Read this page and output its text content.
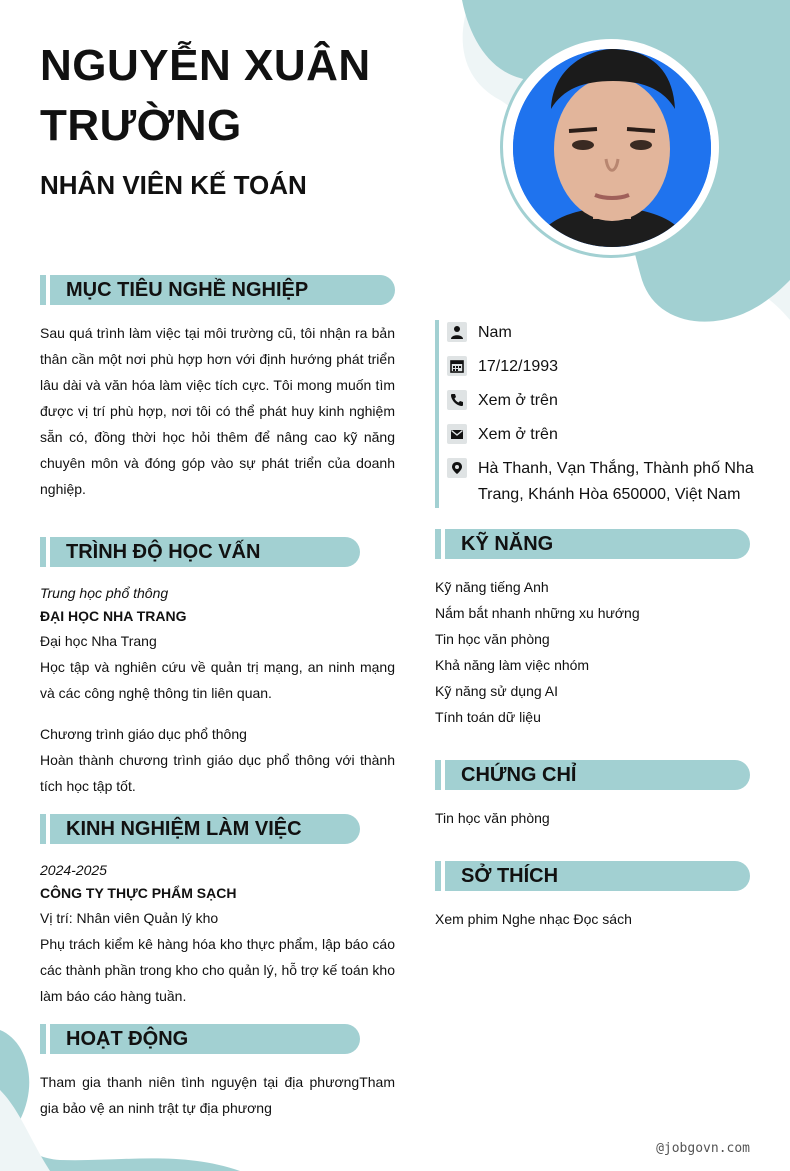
NGUYỄN XUÂN TRƯỜNG
NHÂN VIÊN KẾ TOÁN
MỤC TIÊU NGHỀ NGHIỆP
Sau quá trình làm việc tại môi trường cũ, tôi nhận ra bản thân cần một nơi phù hợp hơn với định hướng phát triển lâu dài và văn hóa làm việc tích cực. Tôi mong muốn tìm được vị trí phù hợp, nơi tôi có thể phát huy kinh nghiệm sẵn có, đồng thời học hỏi thêm để nâng cao kỹ năng chuyên môn và đóng góp vào sự phát triển của doanh nghiệp.
Nam
17/12/1993
Xem ở trên
Xem ở trên
Hà Thanh, Vạn Thắng, Thành phố Nha Trang, Khánh Hòa 650000, Việt Nam
TRÌNH ĐỘ HỌC VẤN
Trung học phổ thông
ĐẠI HỌC NHA TRANG
Đại học Nha Trang
Học tập và nghiên cứu về quản trị mạng, an ninh mạng và các công nghệ thông tin liên quan.
Chương trình giáo dục phổ thông
Hoàn thành chương trình giáo dục phổ thông với thành tích học tập tốt.
KINH NGHIỆM LÀM VIỆC
2024-2025
CÔNG TY THỰC PHẨM SẠCH
Vị trí: Nhân viên Quản lý kho
Phụ trách kiểm kê hàng hóa kho thực phẩm, lập báo cáo các thành phần trong kho cho quản lý, hỗ trợ kế toán kho làm báo cáo hàng tuần.
HOẠT ĐỘNG
Tham gia thanh niên tình nguyện tại địa phươngTham gia bảo vệ an ninh trật tự địa phương
KỸ NĂNG
Kỹ năng tiếng Anh
Nắm bắt nhanh những xu hướng
Tin học văn phòng
Khả năng làm việc nhóm
Kỹ năng sử dụng AI
Tính toán dữ liệu
CHỨNG CHỈ
Tin học văn phòng
SỞ THÍCH
Xem phim Nghe nhạc Đọc sách
@jobgovn.com
